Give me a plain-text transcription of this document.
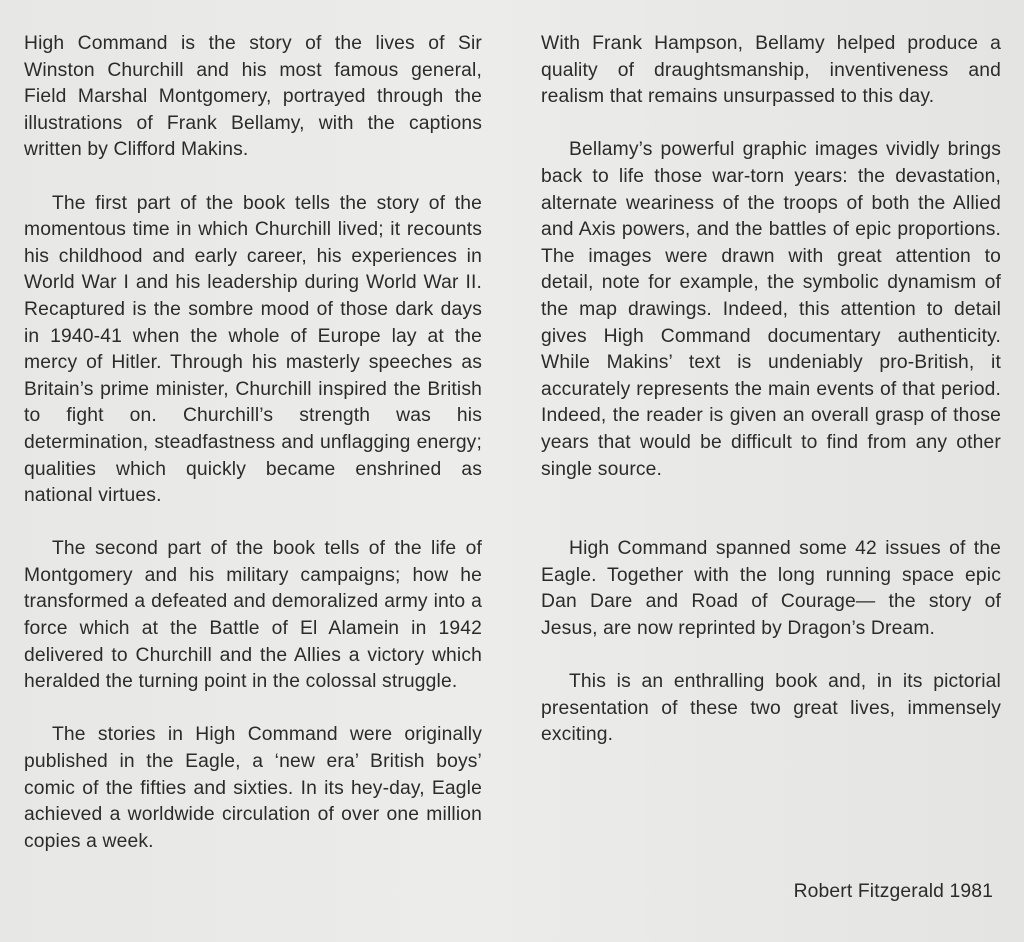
High Command is the story of the lives of Sir Winston Churchill and his most famous general, Field Marshal Montgomery, portrayed through the illustrations of Frank Bellamy, with the captions written by Clifford Makins.

The first part of the book tells the story of the momentous time in which Churchill lived; it recounts his childhood and early career, his experiences in World War I and his leadership during World War II. Recaptured is the sombre mood of those dark days in 1940-41 when the whole of Europe lay at the mercy of Hitler. Through his masterly speeches as Britain’s prime minister, Churchill inspired the British to fight on. Churchill’s strength was his determination, steadfastness and unflagging energy; qualities which quickly became enshrined as national virtues.

The second part of the book tells of the life of Montgomery and his military campaigns; how he transformed a defeated and demoralized army into a force which at the Battle of El Alamein in 1942 delivered to Churchill and the Allies a victory which heralded the turning point in the colossal struggle.

The stories in High Command were originally published in the Eagle, a ‘new era’ British boys’ comic of the fifties and sixties. In its hey-day, Eagle achieved a worldwide circulation of over one million copies a week.

With Frank Hampson, Bellamy helped produce a quality of draughtsmanship, inventiveness and realism that remains unsurpassed to this day.

Bellamy’s powerful graphic images vividly brings back to life those war-torn years: the devastation, alternate weariness of the troops of both the Allied and Axis powers, and the battles of epic proportions. The images were drawn with great attention to detail, note for example, the symbolic dynamism of the map drawings. Indeed, this attention to detail gives High Command documentary authenticity. While Makins’ text is undeniably pro-British, it accurately represents the main events of that period. Indeed, the reader is given an overall grasp of those years that would be difficult to find from any other single source.

High Command spanned some 42 issues of the Eagle. Together with the long running space epic Dan Dare and Road of Courage— the story of Jesus, are now reprinted by Dragon’s Dream.

This is an enthralling book and, in its pictorial presentation of these two great lives, immensely exciting.

Robert Fitzgerald 1981
